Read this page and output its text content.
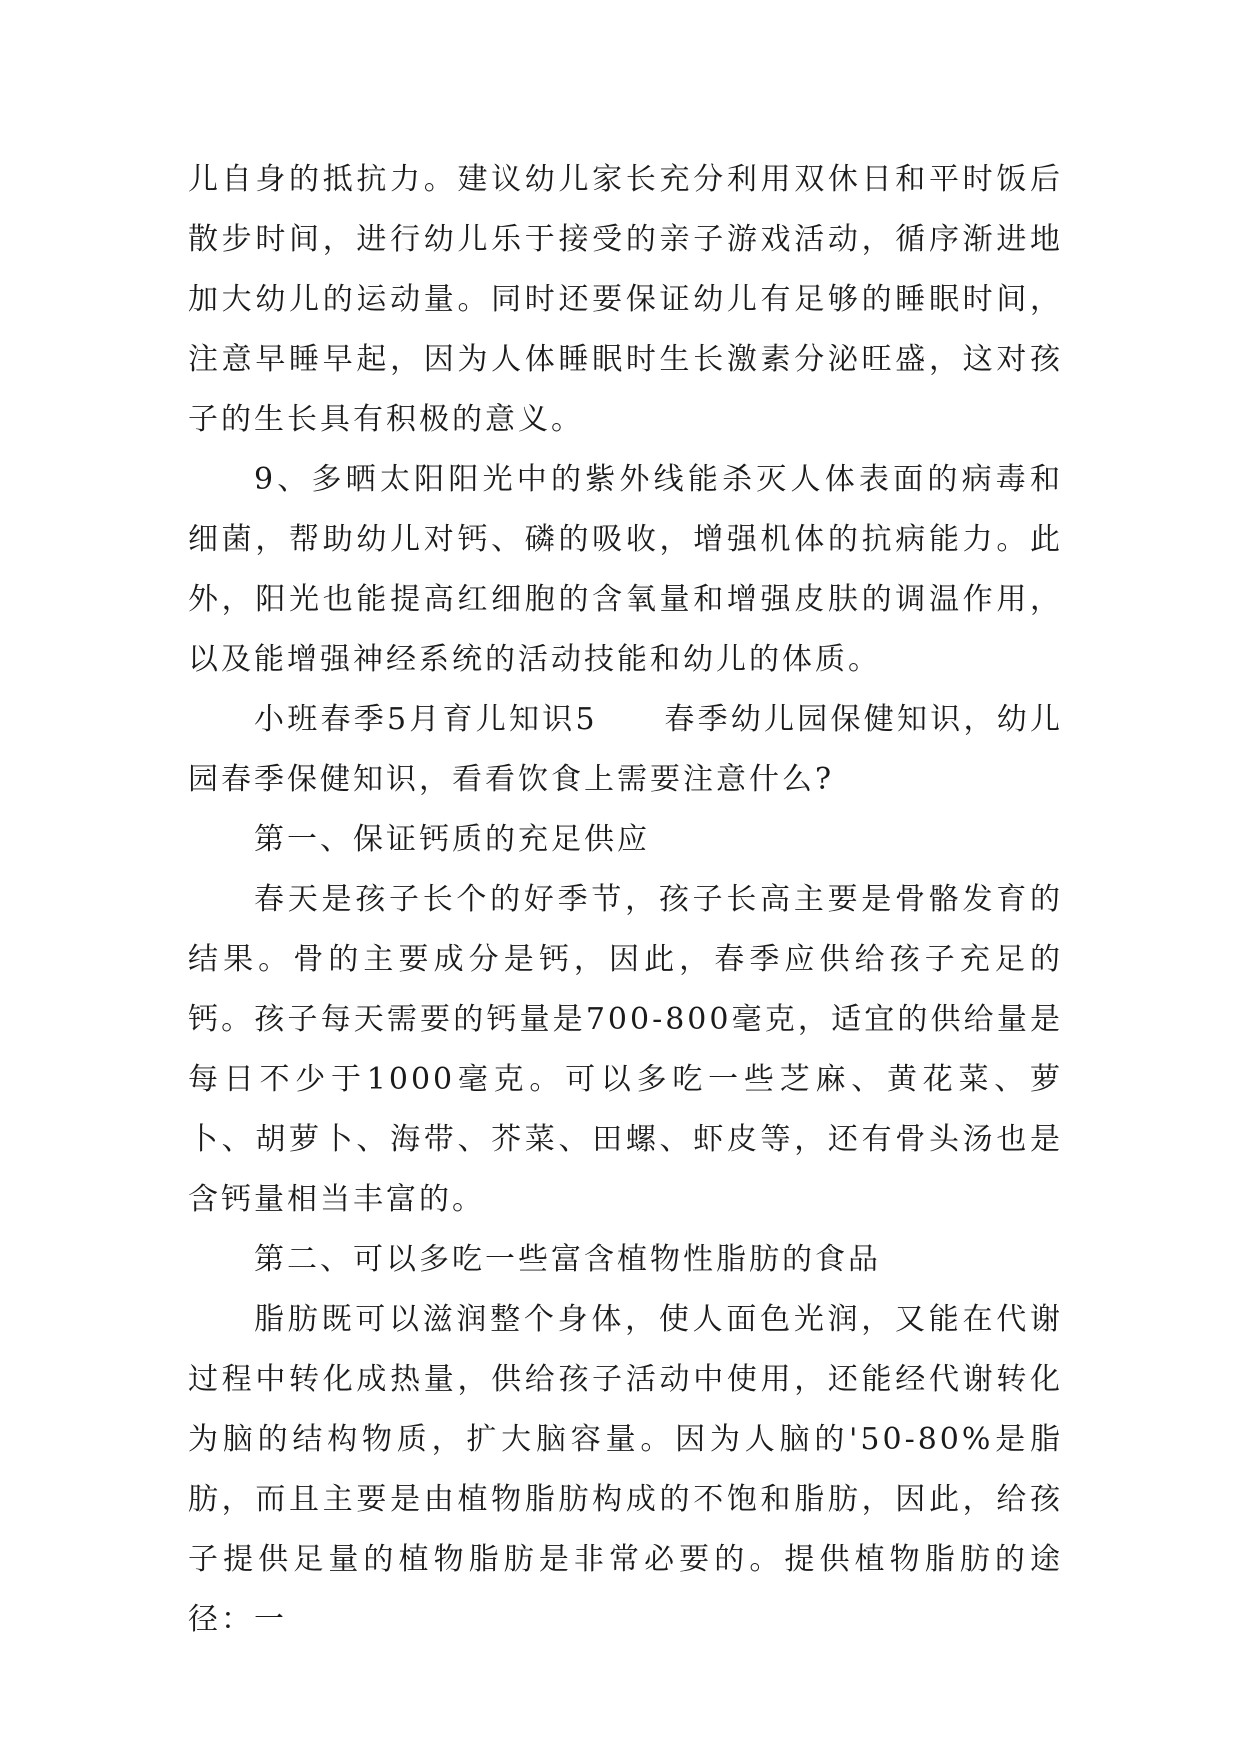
儿自身的抵抗力。建议幼儿家长充分利用双休日和平时饭后散步时间，进行幼儿乐于接受的亲子游戏活动，循序渐进地加大幼儿的运动量。同时还要保证幼儿有足够的睡眠时间，注意早睡早起，因为人体睡眠时生长激素分泌旺盛，这对孩子的生长具有积极的意义。

9、多晒太阳阳光中的紫外线能杀灭人体表面的病毒和细菌，帮助幼儿对钙、磷的吸收，增强机体的抗病能力。此外，阳光也能提高红细胞的含氧量和增强皮肤的调温作用，以及能增强神经系统的活动技能和幼儿的体质。

小班春季5月育儿知识5　　春季幼儿园保健知识，幼儿园春季保健知识，看看饮食上需要注意什么?

第一、保证钙质的充足供应

春天是孩子长个的好季节，孩子长高主要是骨骼发育的结果。骨的主要成分是钙，因此，春季应供给孩子充足的钙。孩子每天需要的钙量是700-800毫克，适宜的供给量是每日不少于1000毫克。可以多吃一些芝麻、黄花菜、萝卜、胡萝卜、海带、芥菜、田螺、虾皮等，还有骨头汤也是含钙量相当丰富的。

第二、可以多吃一些富含植物性脂肪的食品

脂肪既可以滋润整个身体，使人面色光润，又能在代谢过程中转化成热量，供给孩子活动中使用，还能经代谢转化为脑的结构物质，扩大脑容量。因为人脑的'50-80%是脂肪，而且主要是由植物脂肪构成的不饱和脂肪，因此，给孩子提供足量的植物脂肪是非常必要的。提供植物脂肪的途径：一
